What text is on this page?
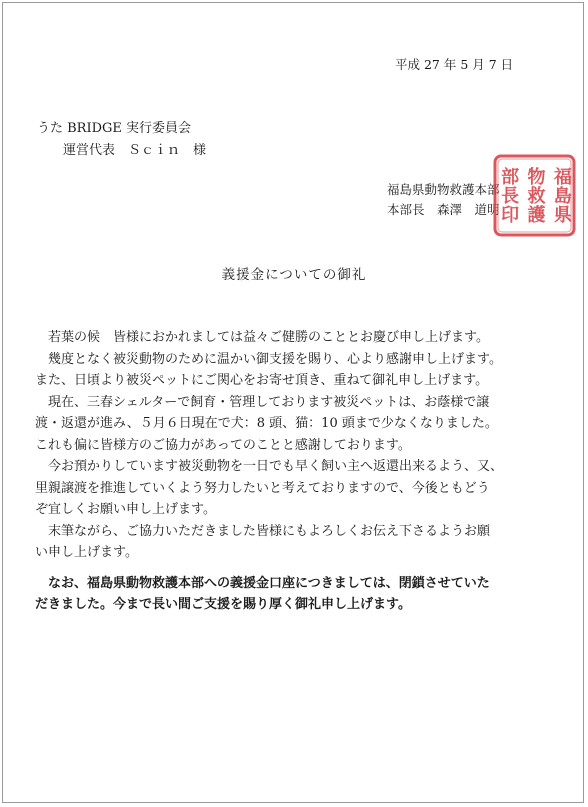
平成 27 年 5 月 7 日
うた BRIDGE 実行委員会
運営代表　Ｓｃｉｎ　様
福島県動物救護本部
本部長　森澤　道明	福島県
物救護
部長印
義援金についての御礼

　若葉の候　皆様におかれましては益々ご健勝のこととお慶び申し上げます。

　幾度となく被災動物のために温かい御支援を賜り、心より感謝申し上げます。

また、日頃より被災ペットにご関心をお寄せ頂き、重ねて御礼申し上げます。

　現在、三春シェルターで飼育・管理しております被災ペットは、お蔭様で譲

渡・返還が進み、５月６日現在で犬：8 頭、猫：10 頭まで少なくなりました。

これも偏に皆様方のご協力があってのことと感謝しております。

　今お預かりしています被災動物を一日でも早く飼い主へ返還出来るよう、又、

里親譲渡を推進していくよう努力したいと考えておりますので、今後ともどう

ぞ宜しくお願い申し上げます。

　末筆ながら、ご協力いただきました皆様にもよろしくお伝え下さるようお願

い申し上げます。

　なお、福島県動物救護本部への義援金口座につきましては、閉鎖させていた

だきました。今まで長い間ご支援を賜り厚く御礼申し上げます。
